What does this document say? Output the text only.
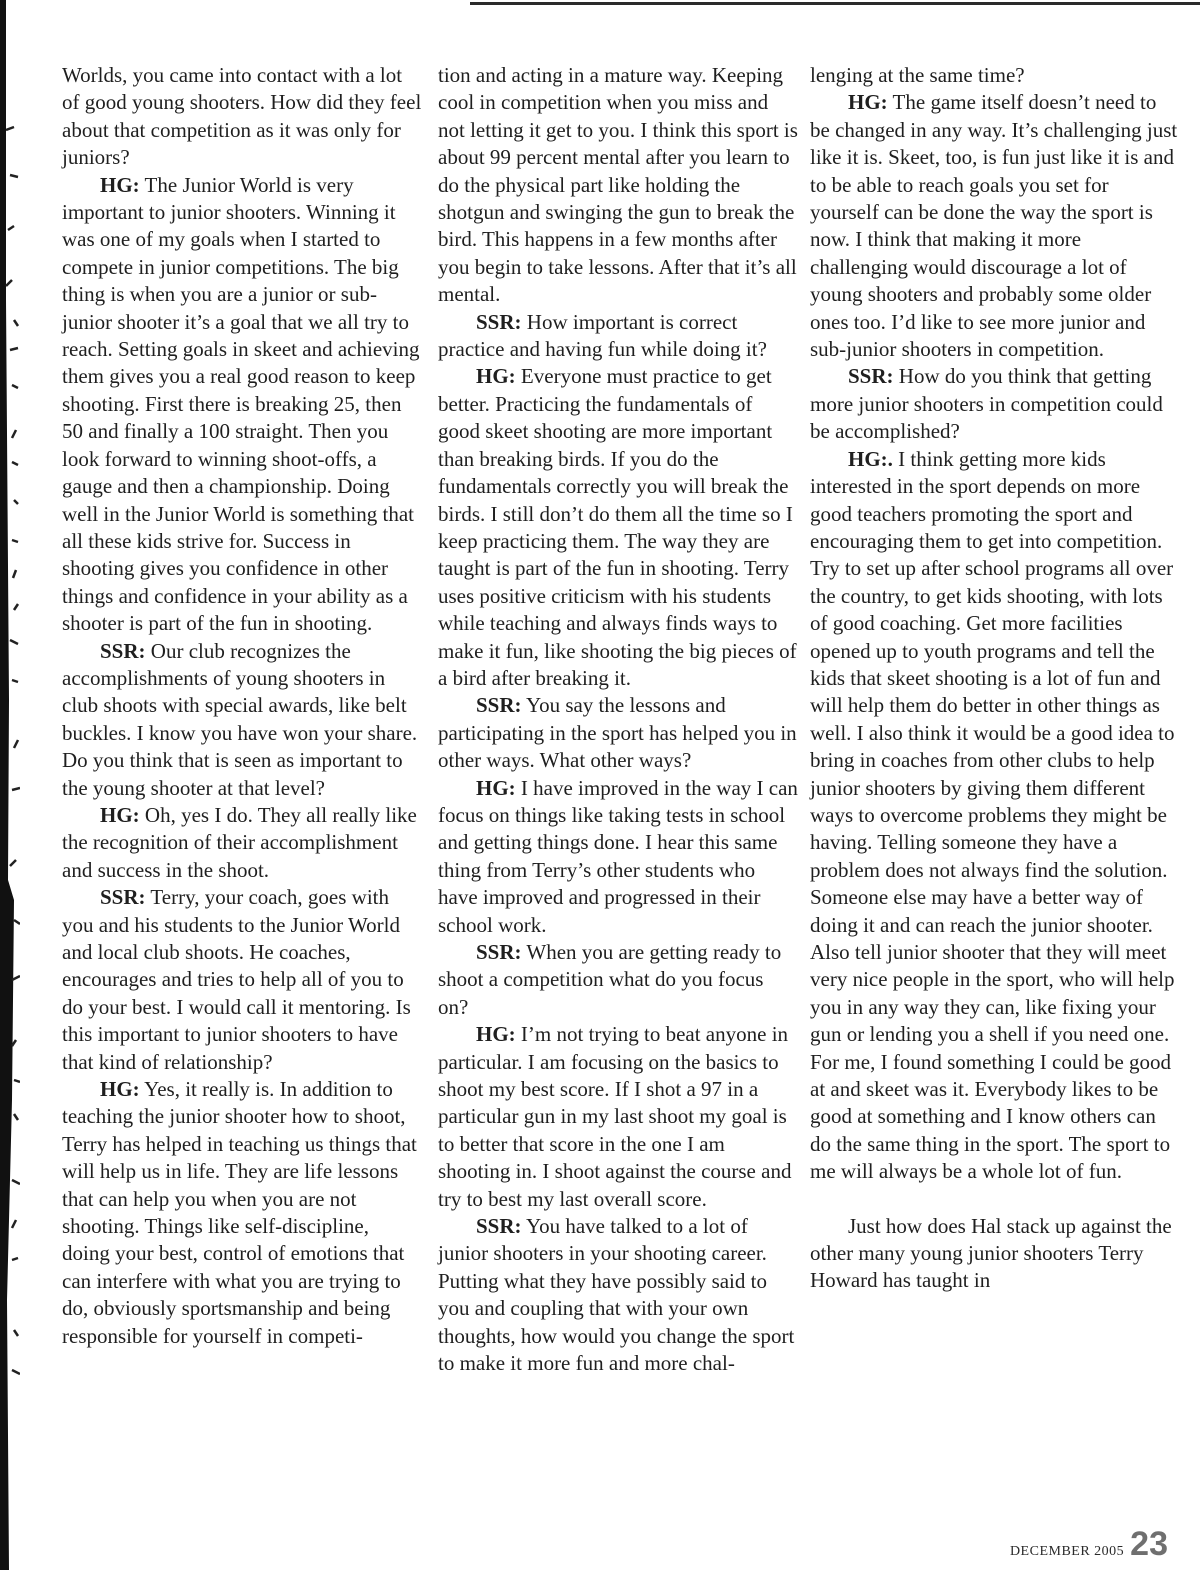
Worlds, you came into contact with a lot of good young shooters. How did they feel about that competition as it was only for juniors?

HG: The Junior World is very important to junior shooters. Winning it was one of my goals when I started to compete in junior competitions. The big thing is when you are a junior or sub-junior shooter it’s a goal that we all try to reach. Setting goals in skeet and achieving them gives you a real good reason to keep shooting. First there is breaking 25, then 50 and finally a 100 straight. Then you look forward to winning shoot-offs, a gauge and then a championship. Doing well in the Junior World is something that all these kids strive for. Success in shooting gives you confidence in other things and confidence in your ability as a shooter is part of the fun in shooting.

SSR: Our club recognizes the accomplishments of young shooters in club shoots with special awards, like belt buckles. I know you have won your share. Do you think that is seen as important to the young shooter at that level?

HG: Oh, yes I do. They all really like the recognition of their accomplishment and success in the shoot.

SSR: Terry, your coach, goes with you and his students to the Junior World and local club shoots. He coaches, encourages and tries to help all of you to do your best. I would call it mentoring. Is this important to junior shooters to have that kind of relationship?

HG: Yes, it really is. In addition to teaching the junior shooter how to shoot, Terry has helped in teaching us things that will help us in life. They are life lessons that can help you when you are not shooting. Things like self-discipline, doing your best, control of emotions that can interfere with what you are trying to do, obviously sportsmanship and being responsible for yourself in competi-

tion and acting in a mature way. Keeping cool in competition when you miss and not letting it get to you. I think this sport is about 99 percent mental after you learn to do the physical part like holding the shotgun and swinging the gun to break the bird. This happens in a few months after you begin to take lessons. After that it’s all mental.

SSR: How important is correct practice and having fun while doing it?

HG: Everyone must practice to get better. Practicing the fundamentals of good skeet shooting are more important than breaking birds. If you do the fundamentals correctly you will break the birds. I still don’t do them all the time so I keep practicing them. The way they are taught is part of the fun in shooting. Terry uses positive criticism with his students while teaching and always finds ways to make it fun, like shooting the big pieces of a bird after breaking it.

SSR: You say the lessons and participating in the sport has helped you in other ways. What other ways?

HG: I have improved in the way I can focus on things like taking tests in school and getting things done. I hear this same thing from Terry’s other students who have improved and progressed in their school work.

SSR: When you are getting ready to shoot a competition what do you focus on?

HG: I’m not trying to beat anyone in particular. I am focusing on the basics to shoot my best score. If I shot a 97 in a particular gun in my last shoot my goal is to better that score in the one I am shooting in. I shoot against the course and try to best my last overall score.

SSR: You have talked to a lot of junior shooters in your shooting career. Putting what they have possibly said to you and coupling that with your own thoughts, how would you change the sport to make it more fun and more chal-

lenging at the same time?

HG: The game itself doesn’t need to be changed in any way. It’s challenging just like it is. Skeet, too, is fun just like it is and to be able to reach goals you set for yourself can be done the way the sport is now. I think that making it more challenging would discourage a lot of young shooters and probably some older ones too. I’d like to see more junior and sub-junior shooters in competition.

SSR: How do you think that getting more junior shooters in competition could be accomplished?

HG:. I think getting more kids interested in the sport depends on more good teachers promoting the sport and encouraging them to get into competition. Try to set up after school programs all over the country, to get kids shooting, with lots of good coaching. Get more facilities opened up to youth programs and tell the kids that skeet shooting is a lot of fun and will help them do better in other things as well. I also think it would be a good idea to bring in coaches from other clubs to help junior shooters by giving them different ways to overcome problems they might be having. Telling someone they have a problem does not always find the solution. Someone else may have a better way of doing it and can reach the junior shooter. Also tell junior shooter that they will meet very nice people in the sport, who will help you in any way they can, like fixing your gun or lending you a shell if you need one. For me, I found something I could be good at and skeet was it. Everybody likes to be good at something and I know others can do the same thing in the sport. The sport to me will always be a whole lot of fun.

Just how does Hal stack up against the other many young junior shooters Terry Howard has taught in

DECEMBER 2005 23
